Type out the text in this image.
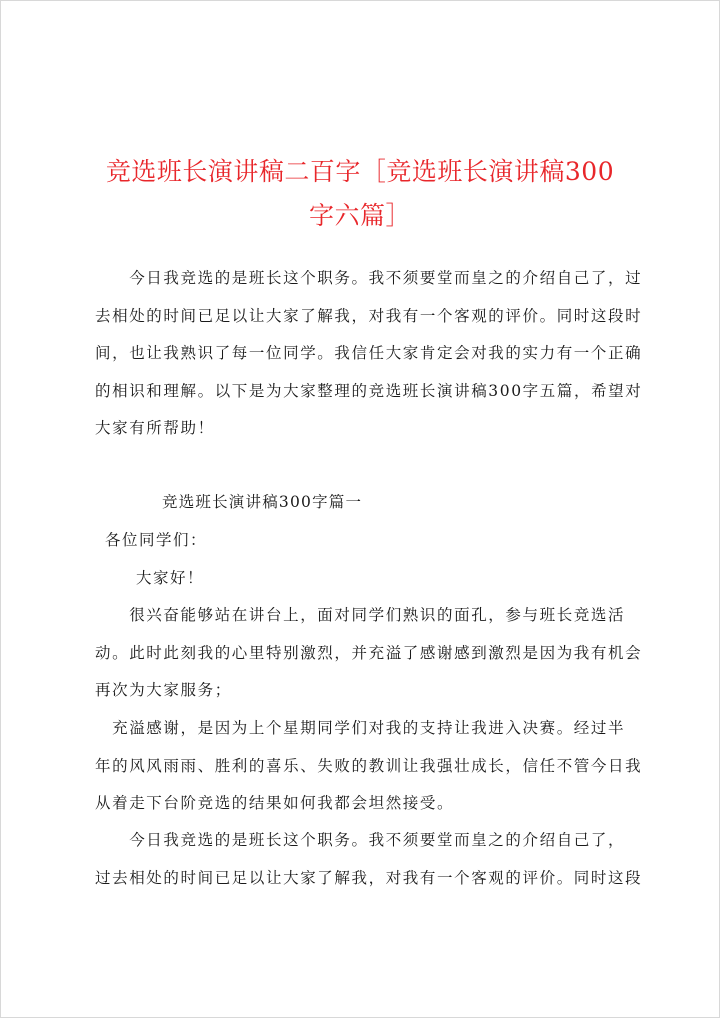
竞选班长演讲稿二百字［竞选班长演讲稿300
字六篇］
　　今日我竞选的是班长这个职务。我不须要堂而皇之的介绍自己了，过
去相处的时间已足以让大家了解我，对我有一个客观的评价。同时这段时
间，也让我熟识了每一位同学。我信任大家肯定会对我的实力有一个正确
的相识和理解。以下是为大家整理的竞选班长演讲稿300字五篇，希望对
大家有所帮助！
竞选班长演讲稿300字篇一
各位同学们：
大家好！
　　很兴奋能够站在讲台上，面对同学们熟识的面孔，参与班长竞选活
动。此时此刻我的心里特别激烈，并充溢了感谢感到激烈是因为我有机会
再次为大家服务；
　充溢感谢，是因为上个星期同学们对我的支持让我进入决赛。经过半
年的风风雨雨、胜利的喜乐、失败的教训让我强壮成长，信任不管今日我
从着走下台阶竞选的结果如何我都会坦然接受。
　　今日我竞选的是班长这个职务。我不须要堂而皇之的介绍自己了，
过去相处的时间已足以让大家了解我，对我有一个客观的评价。同时这段
